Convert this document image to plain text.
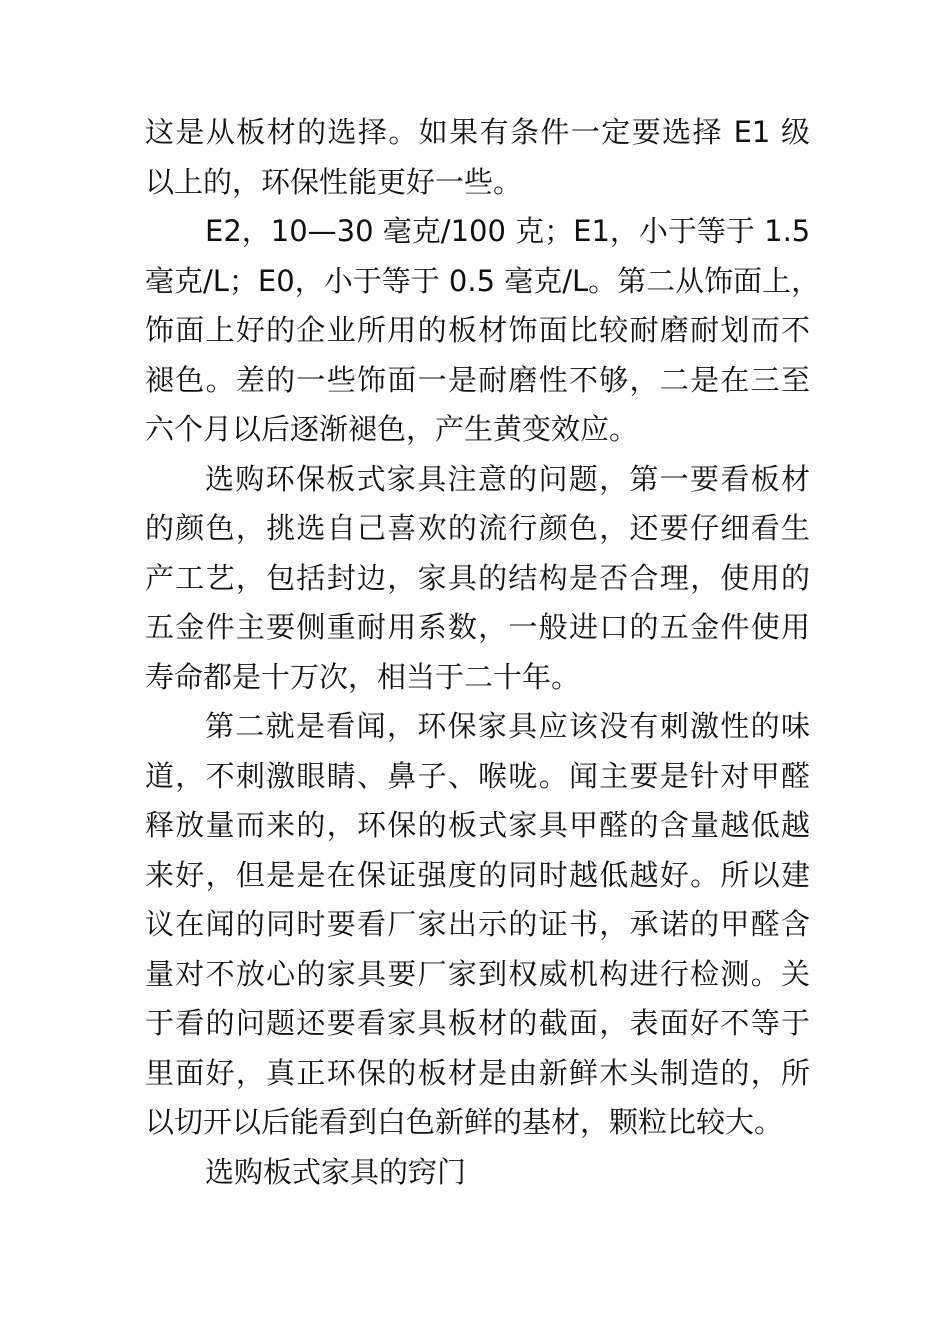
这是从板材的选择。如果有条件一定要选择 E1 级
以上的，环保性能更好一些。
E2，10—30 毫克/100 克；E1，小于等于 1.5
毫克/L；E0，小于等于 0.5 毫克/L。第二从饰面上，
饰面上好的企业所用的板材饰面比较耐磨耐划而不
褪色。差的一些饰面一是耐磨性不够，二是在三至
六个月以后逐渐褪色，产生黄变效应。
选购环保板式家具注意的问题，第一要看板材
的颜色，挑选自己喜欢的流行颜色，还要仔细看生
产工艺，包括封边，家具的结构是否合理，使用的
五金件主要侧重耐用系数，一般进口的五金件使用
寿命都是十万次，相当于二十年。
第二就是看闻，环保家具应该没有刺激性的味
道，不刺激眼睛、鼻子、喉咙。闻主要是针对甲醛
释放量而来的，环保的板式家具甲醛的含量越低越
来好，但是是在保证强度的同时越低越好。所以建
议在闻的同时要看厂家出示的证书，承诺的甲醛含
量对不放心的家具要厂家到权威机构进行检测。关
于看的问题还要看家具板材的截面，表面好不等于
里面好，真正环保的板材是由新鲜木头制造的，所
以切开以后能看到白色新鲜的基材，颗粒比较大。
选购板式家具的窍门
